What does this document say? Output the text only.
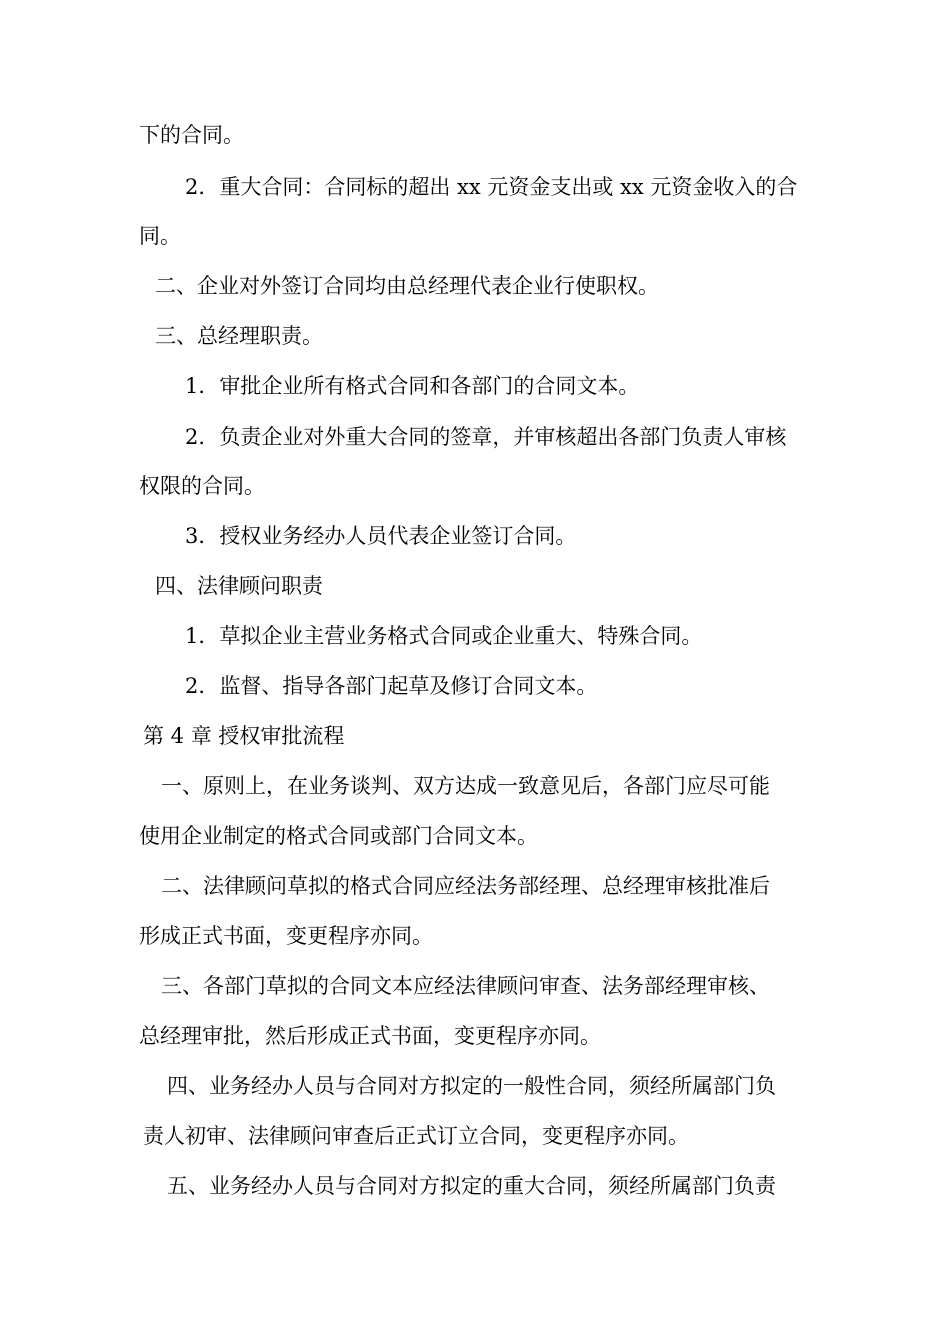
下的合同。
2．重大合同：合同标的超出 xx 元资金支出或 xx 元资金收入的合
同。
二、企业对外签订合同均由总经理代表企业行使职权。
三、总经理职责。
1．审批企业所有格式合同和各部门的合同文本。
2．负责企业对外重大合同的签章，并审核超出各部门负责人审核
权限的合同。
3．授权业务经办人员代表企业签订合同。
四、法律顾问职责
1．草拟企业主营业务格式合同或企业重大、特殊合同。
2．监督、指导各部门起草及修订合同文本。
第 4 章 授权审批流程
一、原则上，在业务谈判、双方达成一致意见后，各部门应尽可能
使用企业制定的格式合同或部门合同文本。
二、法律顾问草拟的格式合同应经法务部经理、总经理审核批准后
形成正式书面，变更程序亦同。
三、各部门草拟的合同文本应经法律顾问审查、法务部经理审核、
总经理审批，然后形成正式书面，变更程序亦同。
四、业务经办人员与合同对方拟定的一般性合同，须经所属部门负
责人初审、法律顾问审查后正式订立合同，变更程序亦同。
五、业务经办人员与合同对方拟定的重大合同，须经所属部门负责
